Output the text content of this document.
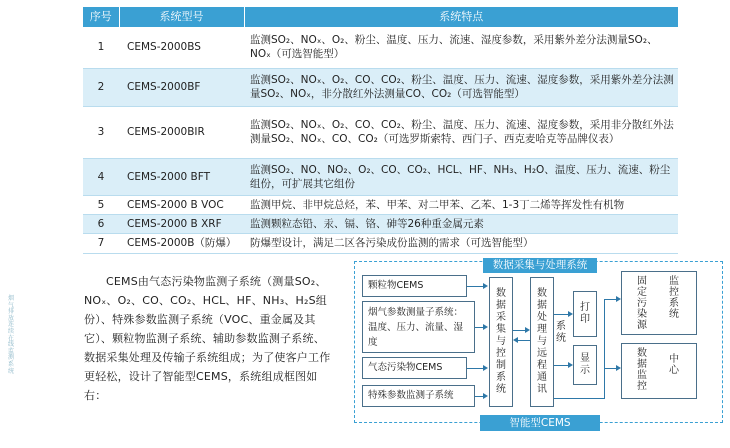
序号	系统型号	系统特点
1	CEMS-2000BS	监测SO₂、NOₓ、O₂、粉尘、温度、压力、流速、湿度参数，采用紫外差分法测量SO₂、NOₓ（可选智能型）
2	CEMS-2000BF	监测SO₂、NOₓ、O₂、CO、CO₂、粉尘、温度、压力、流速、湿度参数，采用紫外差分法测量SO₂、NOₓ，非分散红外法测量CO、CO₂（可选智能型）
3	CEMS-2000BIR	监测SO₂、NOₓ、O₂、CO、CO₂、粉尘、温度、压力、流速、湿度参数，采用非分散红外法测量SO₂、NOₓ、CO、CO₂（可选罗斯索特、西门子、西克麦哈克等品牌仪表）
4	CEMS-2000 BFT	监测SO₂、NO、NO₂、O₂、CO、CO₂、HCL、HF、NH₃、H₂O、温度、压力、流速、粉尘组份，可扩展其它组份
5	CEMS-2000 B VOC	监测甲烷、非甲烷总烃，苯、甲苯、对二甲苯、乙苯、1-3丁二烯等挥发性有机物
6	CEMS-2000 B XRF	监测颗粒态铅、汞、镉、铬、砷等26种重金属元素
7	CEMS-2000B（防爆）	防爆型设计，满足二区各污染成份监测的需求（可选智能型）
CEMS由气态污染物监测子系统（测量SO₂、NOₓ、O₂、CO、CO₂、HCL、HF、NH₃、H₂S组份）、特殊参数监测子系统（VOC、重金属及其它）、颗粒物监测子系统、辅助参数监测子系统、数据采集处理及传输子系统组成；为了使客户工作更轻松，设计了智能型CEMS，系统组成框图如右：
烟气排放连续在线监测系统
数据采集与处理系统
智能型CEMS
颗粒物CEMS
烟气参数测量子系统：温度、压力、流量、湿度
气态污染物CEMS
特殊参数监测子系统
数据采集与控制系统
数据处理与远程通讯
系统
打印
显示
固定污染源
监控系统
数据监控
中心
